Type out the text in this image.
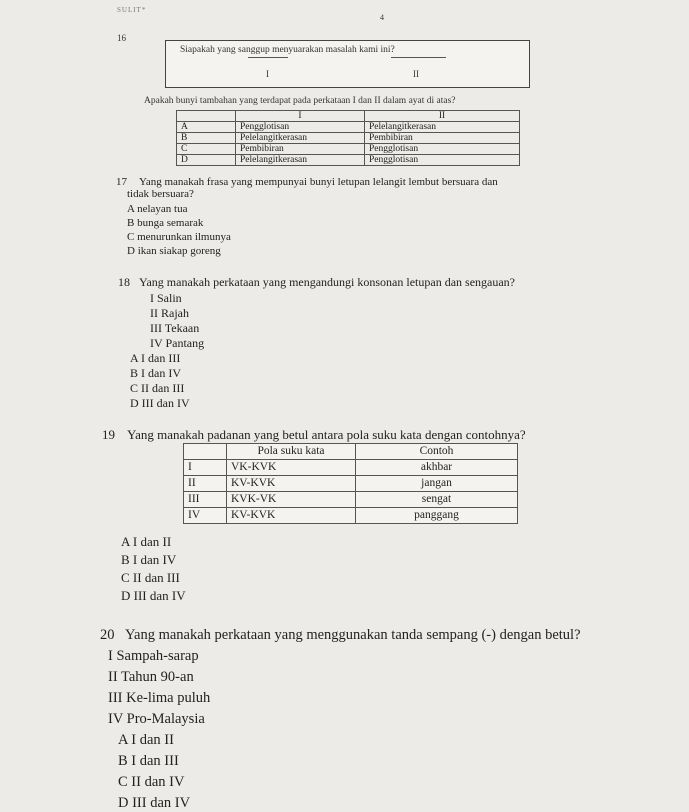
SULIT*
4
16
Siapakah yang sanggup menyuarakan masalah kami ini?
I	II
Apakah bunyi tambahan yang terdapat pada perkataan I dan II dalam ayat di atas?
	I	II
A	Pengglotisan	Pelelangitkerasan
B	Pelelangitkerasan	Pembibiran
C	Pembibiran	Pengglotisan
D	Pelelangitkerasan	Pengglotisan
17 Yang manakah frasa yang mempunyai bunyi letupan lelangit lembut bersuara dan
tidak bersuara?
A nelayan tua
B bunga semarak
C menurunkan ilmunya
D ikan siakap goreng
18 Yang manakah perkataan yang mengandungi konsonan letupan dan sengauan?
I Salin
II Rajah
III Tekaan
IV Pantang
A I dan III
B I dan IV
C II dan III
D III dan IV
19 Yang manakah padanan yang betul antara pola suku kata dengan contohnya?
	Pola suku kata	Contoh
I	VK-KVK	akhbar
II	KV-KVK	jangan
III	KVK-VK	sengat
IV	KV-KVK	panggang
A I dan II
B I dan IV
C II dan III
D III dan IV
20 Yang manakah perkataan yang menggunakan tanda sempang (-) dengan betul?
I Sampah-sarap
II Tahun 90-an
III Ke-lima puluh
IV Pro-Malaysia
A I dan II
B I dan III
C II dan IV
D III dan IV
